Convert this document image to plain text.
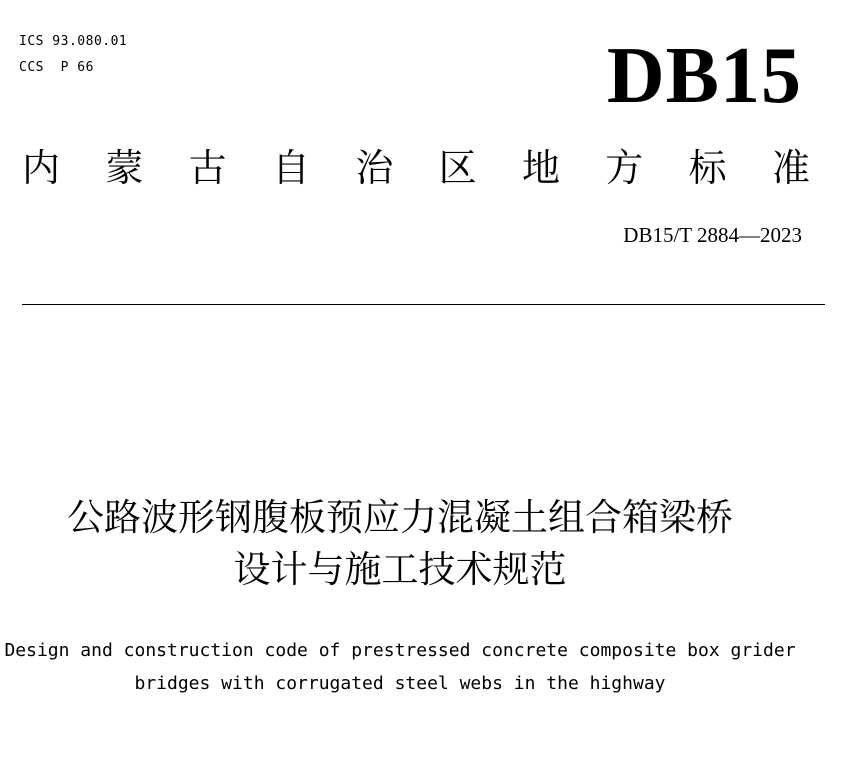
ICS 93.080.01
CCS  P 66	DB15
内 蒙 古 自 治 区 地 方 标 准
DB15/T 2884—2023
公路波形钢腹板预应力混凝土组合箱梁桥
设计与施工技术规范
Design and construction code of prestressed concrete composite box grider
bridges with corrugated steel webs in the highway
